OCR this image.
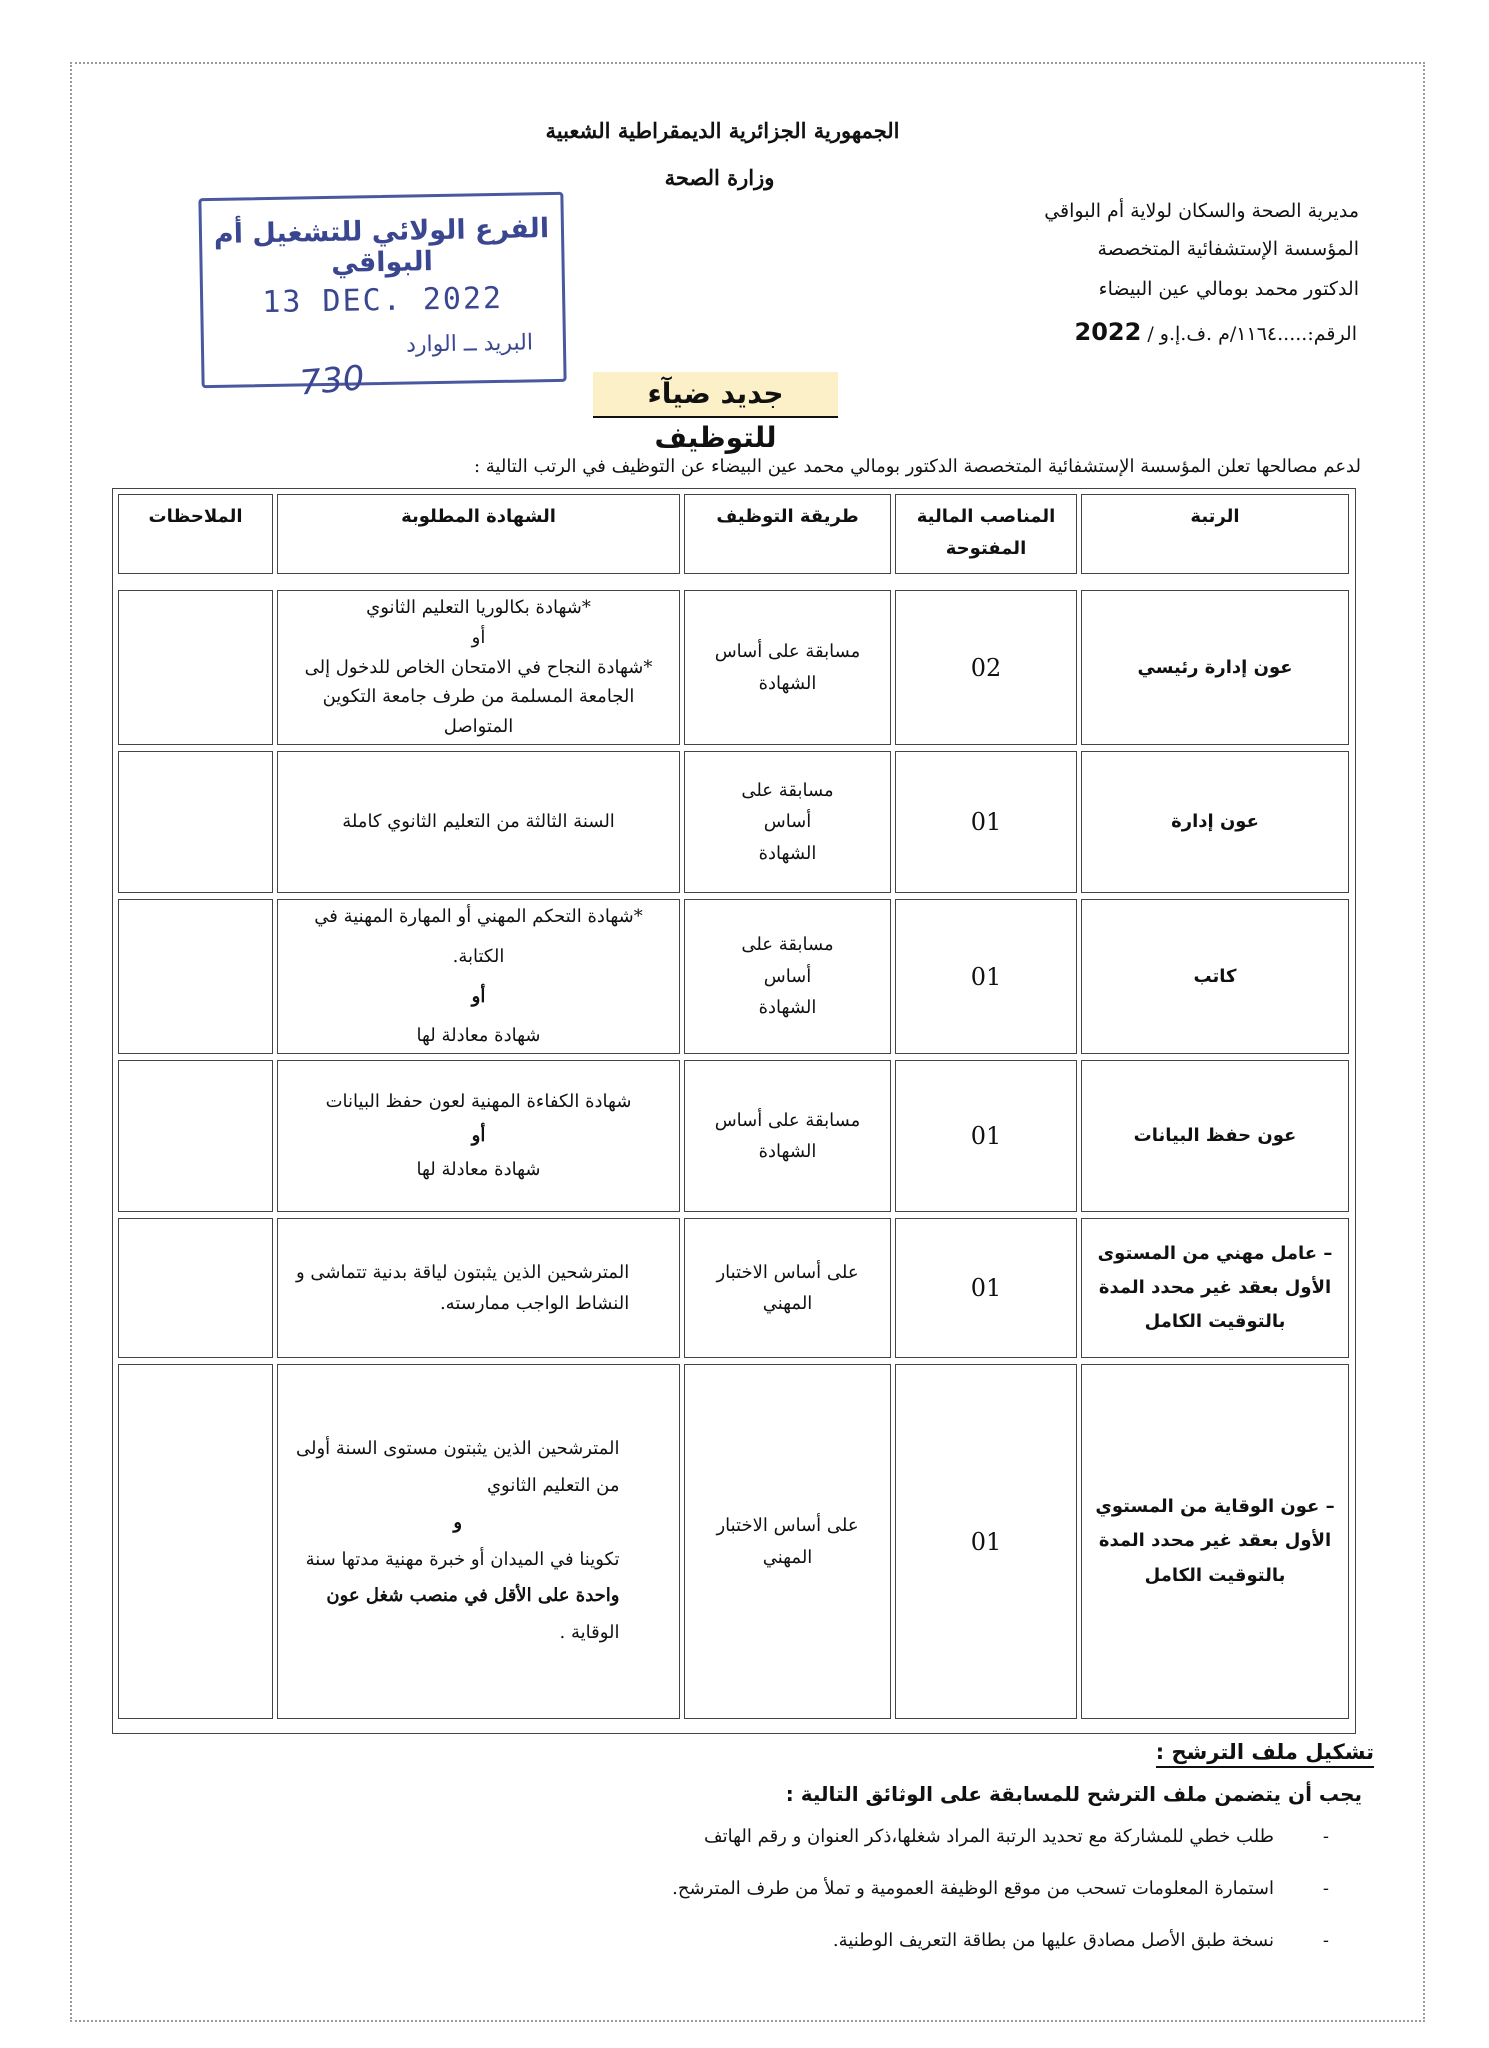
الجمهورية الجزائرية الديمقراطية الشعبية
وزارة الصحة
مديرية الصحة والسكان لولاية أم البواقي
المؤسسة الإستشفائية المتخصصة
الدكتور محمد بومالي عين البيضاء
الرقم:.....١١٦٤/م .ف.إ.و / 2022
الفرع الولائي للتشغيل أم البواقي
13 DEC. 2022
البريد ــ الوارد
730	جديد ضيآء للتوظيف
لدعم مصالحها تعلن المؤسسة الإستشفائية المتخصصة الدكتور بومالي محمد عين البيضاء عن التوظيف في الرتب التالية :
الرتبة
المناصب المالية
المفتوحة
طريقة التوظيف
الشهادة المطلوبة
الملاحظات
عون إدارة رئيسي
02
مسابقة على أساس
الشهادة
*شهادة بكالوريا التعليم الثانوي
أو
*شهادة النجاح في الامتحان الخاص للدخول إلى
الجامعة المسلمة من طرف جامعة التكوين المتواصل
عون إدارة
01
مسابقة على
أساس
الشهادة
السنة الثالثة من التعليم الثانوي كاملة
كاتب
01
مسابقة على
أساس
الشهادة
*شهادة التحكم المهني أو المهارة المهنية في الكتابة.
أو
شهادة معادلة لها
عون حفظ البيانات
01
مسابقة على أساس
الشهادة
شهادة الكفاءة المهنية لعون حفظ البيانات
أو
شهادة معادلة لها
– عامل مهني من المستوى
الأول بعقد غير محدد المدة
بالتوقيت الكامل
01
على أساس الاختبار
المهني
المترشحين الذين يثبتون لياقة بدنية تتماشى و
النشاط الواجب ممارسته.
– عون الوقاية من المستوي
الأول بعقد غير محدد المدة
بالتوقيت الكامل
01
على أساس الاختبار
المهني
المترشحين الذين يثبتون مستوى السنة أولى
من التعليم الثانوي
و
تكوينا في الميدان أو خبرة مهنية مدتها سنة
واحدة على الأقل في منصب شغل عون
الوقاية .
تشكيل ملف الترشح :
يجب أن يتضمن ملف الترشح للمسابقة على الوثائق التالية :
-
طلب خطي للمشاركة مع تحديد الرتبة المراد شغلها،ذكر العنوان و رقم الهاتف
-
استمارة المعلومات تسحب من موقع الوظيفة العمومية و تملأ من طرف المترشح.
-
نسخة طبق الأصل مصادق عليها من بطاقة التعريف الوطنية.
